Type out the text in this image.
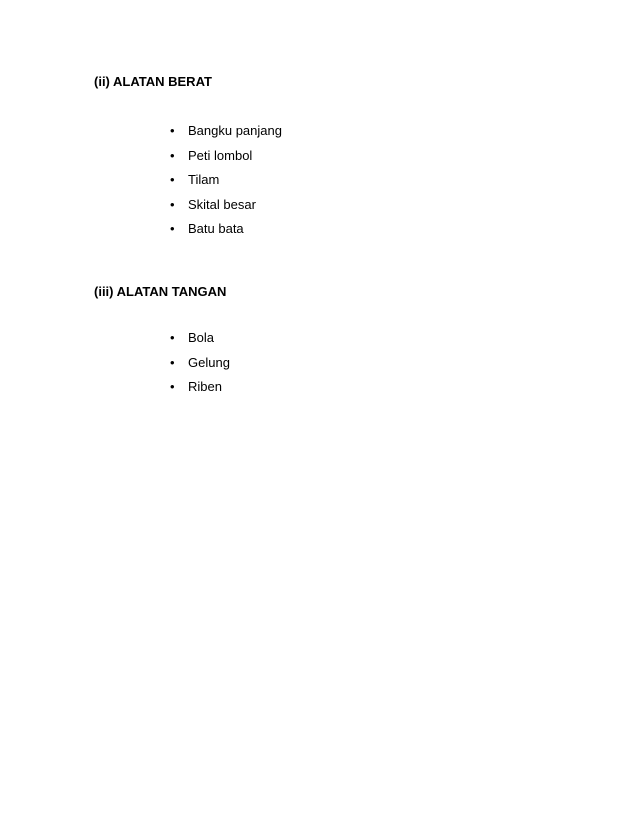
(ii) ALATAN BERAT
•	Bangku panjang
•	Peti lombol
•	Tilam
•	Skital besar
•	Batu bata
(iii) ALATAN TANGAN
•	Bola
•	Gelung
•	Riben
